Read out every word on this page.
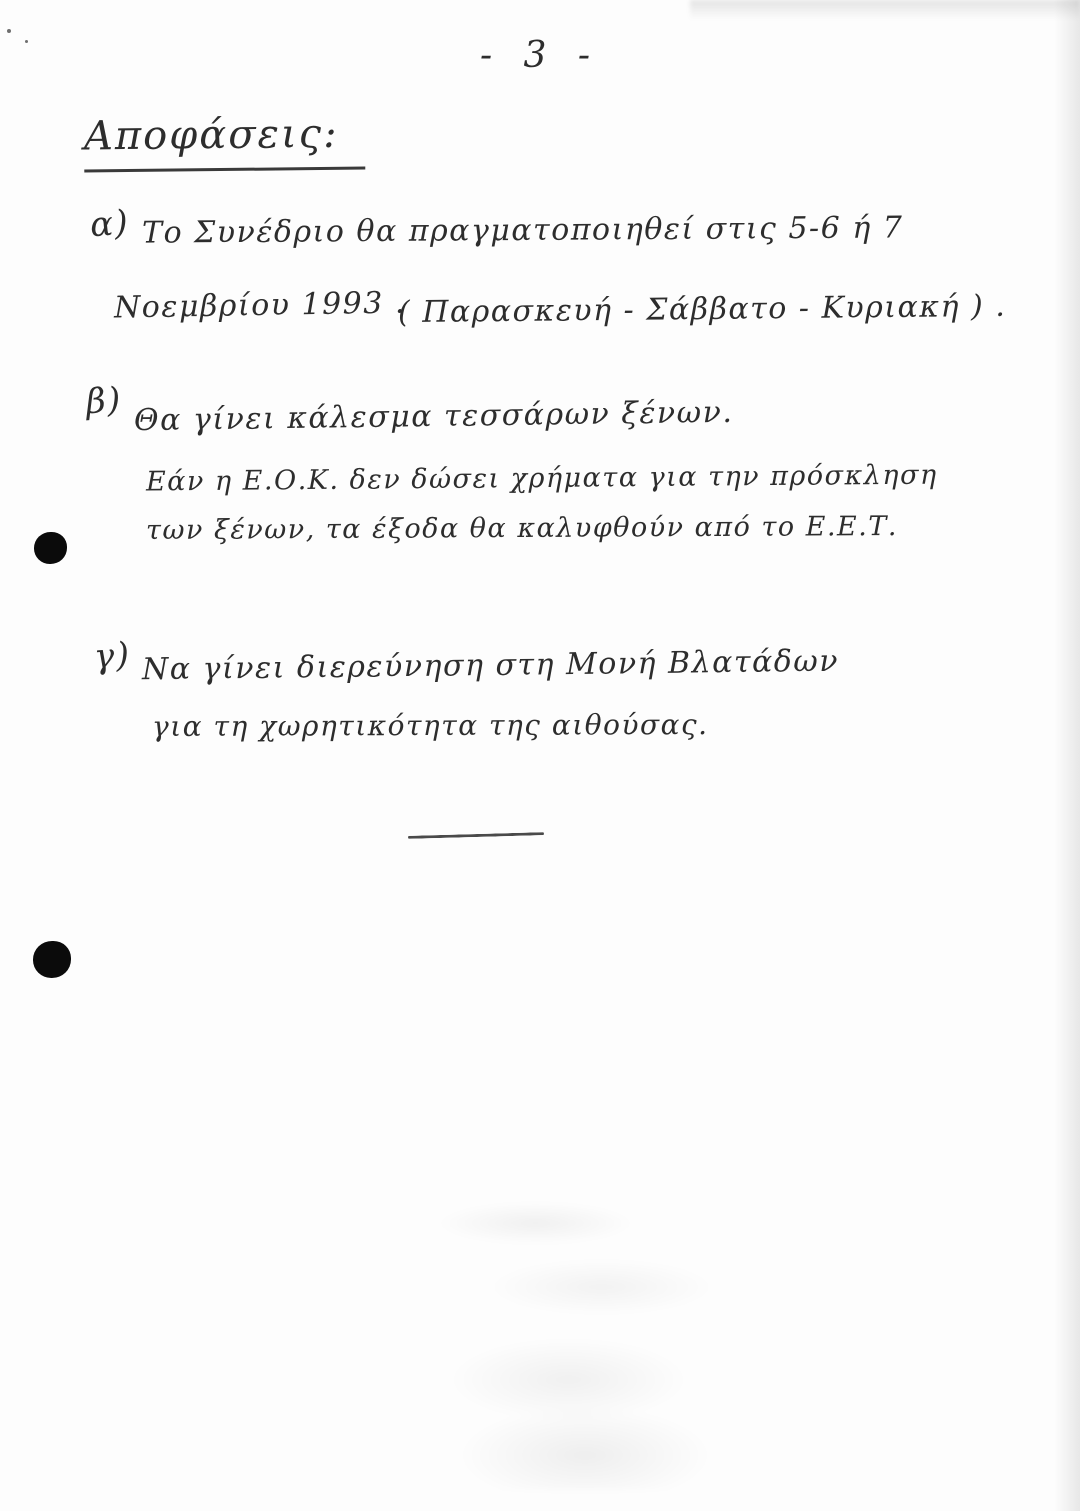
- 3 -
Αποφάσεις:
α) Το Συνέδριο θα πραγματοποιηθεί στις 5-6 ή 7
Νοεμβρίου 1993 .
( Παρασκευή - Σάββατο - Κυριακή ) .
β) Θα γίνει κάλεσμα τεσσάρων ξένων.
Εάν η Ε.Ο.Κ. δεν δώσει χρήματα για την πρόσκληση
των ξένων, τα έξοδα θα καλυφθούν από το Ε.Ε.Τ.
γ) Να γίνει διερεύνηση στη Μονή Βλατάδων
για τη χωρητικότητα της αιθούσας.
